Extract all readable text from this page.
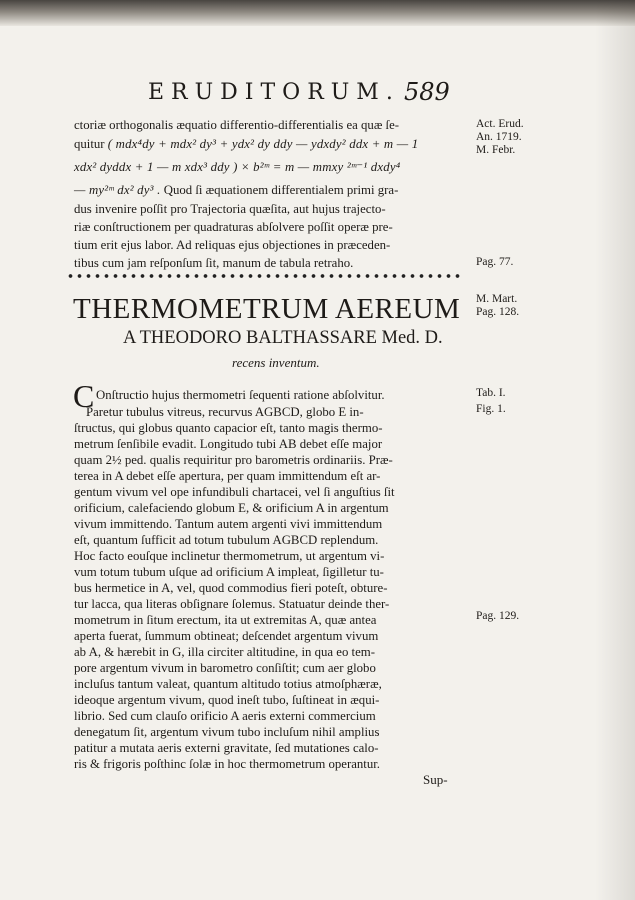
ERUDITORUM. 589
ctoriæ orthogonalis æquatio differentio-differentialis ea quæ ſe-
quitur ( mdx⁴dy + mdx² dy³ + ydx² dy ddy — ydxdy² ddx + m — 1
xdx² dyddx + 1 — m xdx³ ddy ) × b²ᵐ = m — mmxy ²ᵐ⁻¹ dxdy⁴
— my²ᵐ dx² dy³ . Quod ſi æquationem differentialem primi gra-
dus invenire poſſit pro Trajectoria quæſita, aut hujus trajecto-
riæ conſtructionem per quadraturas abſolvere poſſit operæ pre-
tium erit ejus labor. Ad reliquas ejus objectiones in præceden-
tibus cum jam reſponſum ſit, manum de tabula retraho.
Act. Erud.
An. 1719.
M. Febr.
Pag. 77.
M. Mart.
Pag. 128.
Tab. I.
Fig. 1.
Pag. 129.
THERMOMETRUM AEREUM
A THEODORO BALTHASSARE Med. D.
recens inventum.
C Onſtructio hujus thermometri ſequenti ratione abſolvitur.
Paretur tubulus vitreus, recurvus AGBCD, globo E in-
ſtructus, qui globus quanto capacior eſt, tanto magis thermo-
metrum ſenſibile evadit. Longitudo tubi AB debet eſſe major
quam 2½ ped. qualis requiritur pro barometris ordinariis. Præ-
terea in A debet eſſe apertura, per quam immittendum eſt ar-
gentum vivum vel ope infundibuli chartacei, vel ſi anguſtius ſit
orificium, calefaciendo globum E, & orificium A in argentum
vivum immittendo. Tantum autem argenti vivi immittendum
eſt, quantum ſufficit ad totum tubulum AGBCD replendum.
Hoc facto eouſque inclinetur thermometrum, ut argentum vi-
vum totum tubum uſque ad orificium A impleat, ſigilletur tu-
bus hermetice in A, vel, quod commodius fieri poteſt, obture-
tur lacca, qua literas obſignare ſolemus. Statuatur deinde ther-
mometrum in ſitum erectum, ita ut extremitas A, quæ antea
aperta fuerat, ſummum obtineat; deſcendet argentum vivum
ab A, & hærebit in G, illa circiter altitudine, in qua eo tem-
pore argentum vivum in barometro conſiſtit; cum aer globo
incluſus tantum valeat, quantum altitudo totius atmoſphæræ,
ideoque argentum vivum, quod ineſt tubo, ſuſtineat in æqui-
librio. Sed cum clauſo orificio A aeris externi commercium
denegatum ſit, argentum vivum tubo incluſum nihil amplius
patitur a mutata aeris externi gravitate, ſed mutationes calo-
ris & frigoris poſthinc ſolæ in hoc thermometrum operantur.
Sup-
